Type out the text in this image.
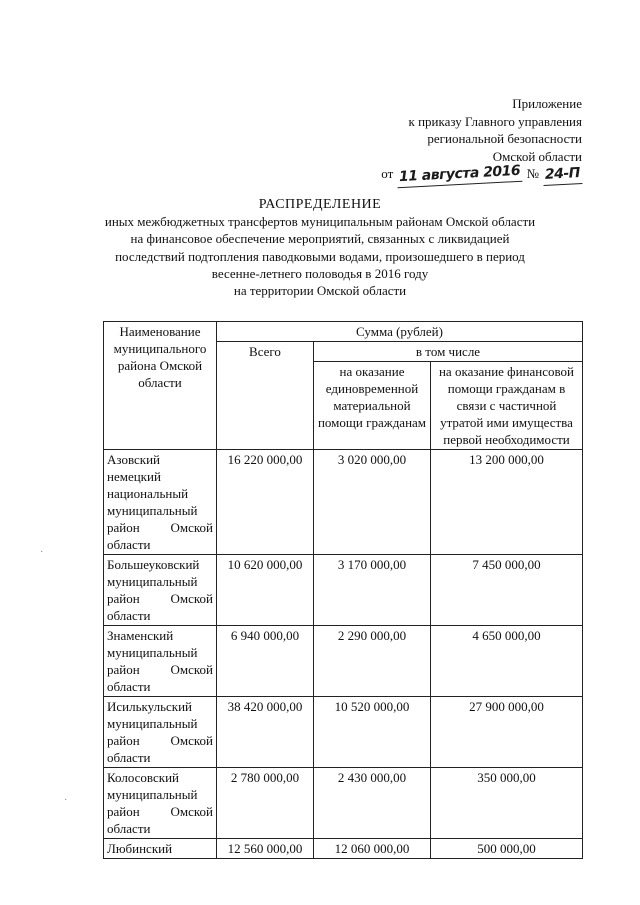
Приложение
к приказу Главного управления
региональной безопасности
Омской области
от 11 августа 2016 № 24-П
РАСПРЕДЕЛЕНИЕ
иных межбюджетных трансфертов муниципальным районам Омской области
на финансовое обеспечение мероприятий, связанных с ликвидацией
последствий подтопления паводковыми водами, произошедшего в период
весенне-летнего половодья в 2016 году
на территории Омской области
Наименование муниципального района Омской области	Сумма (рублей)		
	Всего	в том числе	
		на оказание единовременной материальной помощи гражданам	на оказание финансовой помощи гражданам в связи с частичной утратой ими имущества первой необходимости
Азовский немецкий национальный муниципальный район Омской области	16 220 000,00	3 020 000,00	13 200 000,00
Большеуковский муниципальный район Омской области	10 620 000,00	3 170 000,00	7 450 000,00
Знаменский муниципальный район Омской области	6 940 000,00	2 290 000,00	4 650 000,00
Исилькульский муниципальный район Омской области	38 420 000,00	10 520 000,00	27 900 000,00
Колосовский муниципальный район Омской области	2 780 000,00	2 430 000,00	350 000,00
Любинский	12 560 000,00	12 060 000,00	500 000,00
·
·
